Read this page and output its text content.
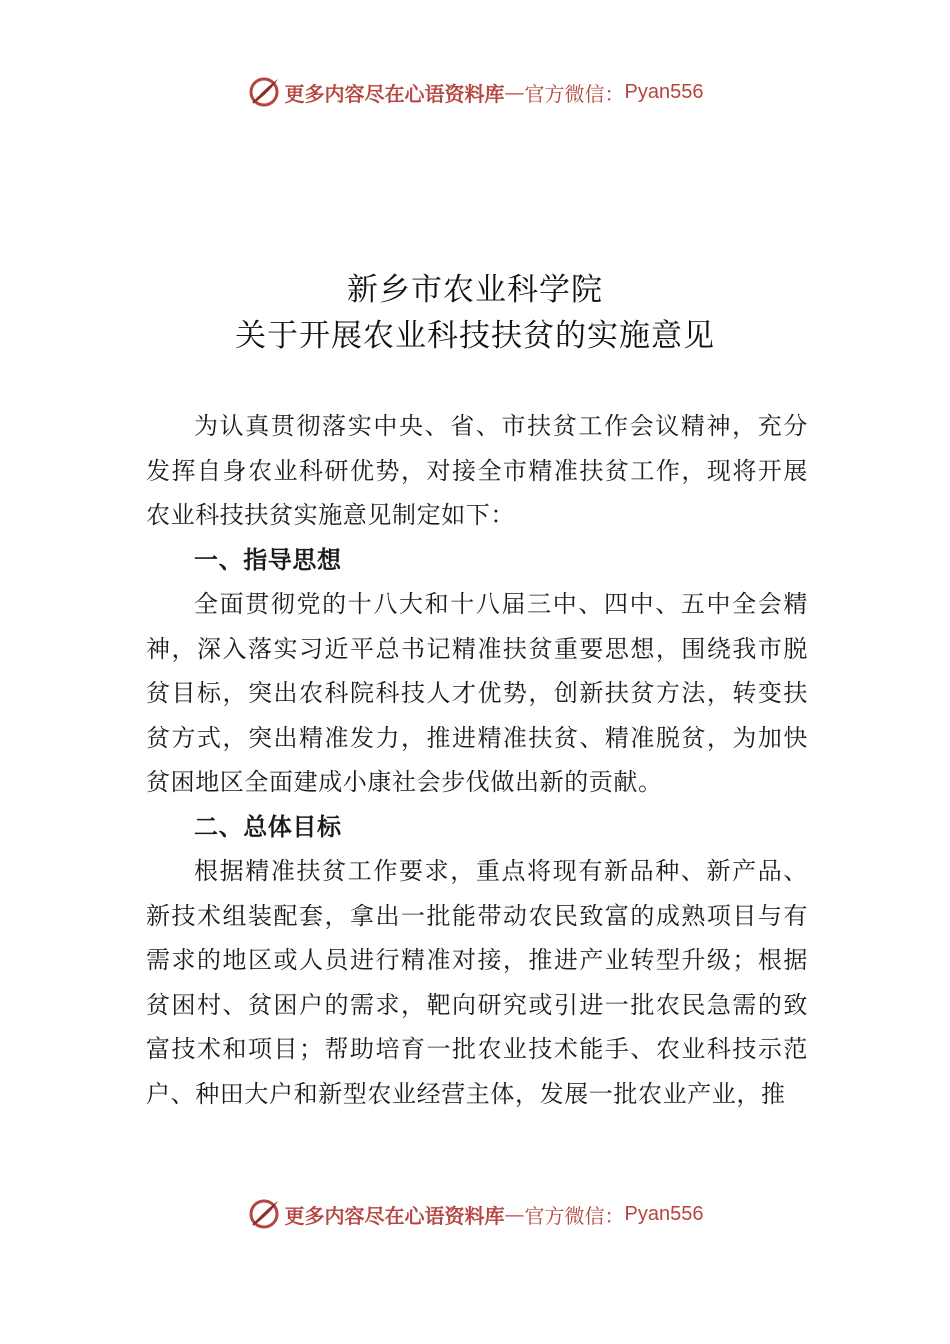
更多内容尽在心语资料库 — 官方微信： Pyan556
新乡市农业科学院
关于开展农业科技扶贫的实施意见

为认真贯彻落实中央、省、市扶贫工作会议精神，充分发挥自身农业科研优势，对接全市精准扶贫工作，现将开展农业科技扶贫实施意见制定如下：

一、指导思想

全面贯彻党的十八大和十八届三中、四中、五中全会精神，深入落实习近平总书记精准扶贫重要思想，围绕我市脱贫目标，突出农科院科技人才优势，创新扶贫方法，转变扶贫方式，突出精准发力，推进精准扶贫、精准脱贫，为加快贫困地区全面建成小康社会步伐做出新的贡献。

二、总体目标

根据精准扶贫工作要求，重点将现有新品种、新产品、新技术组装配套，拿出一批能带动农民致富的成熟项目与有需求的地区或人员进行精准对接，推进产业转型升级；根据贫困村、贫困户的需求，靶向研究或引进一批农民急需的致富技术和项目；帮助培育一批农业技术能手、农业科技示范户、种田大户和新型农业经营主体，发展一批农业产业，推

更多内容尽在心语资料库 — 官方微信： Pyan556
